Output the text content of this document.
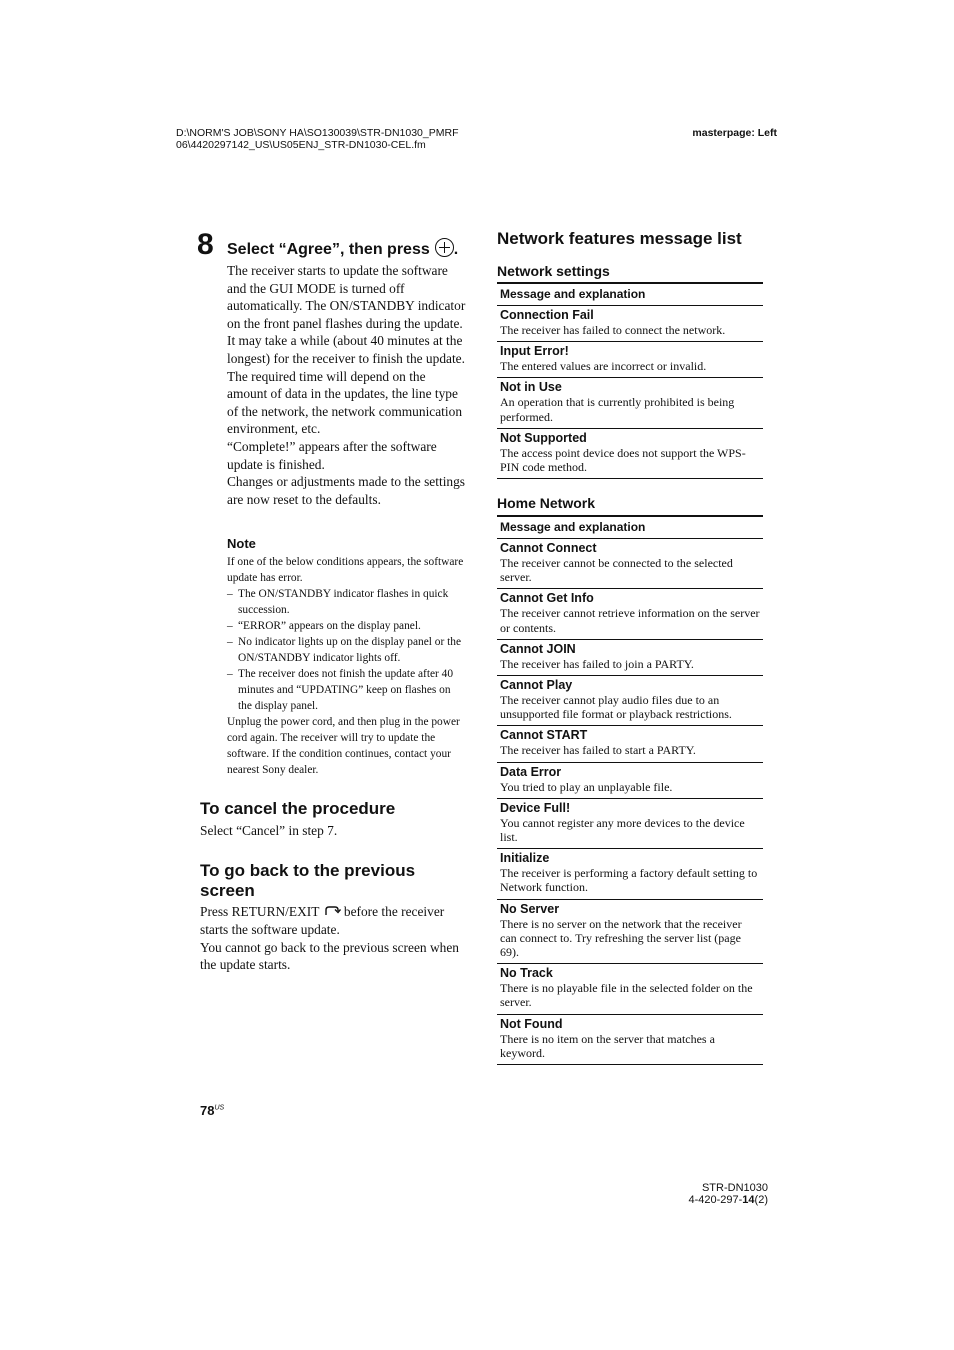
D:\NORM'S JOB\SONY HA\SO130039\STR-DN1030_PMRF
06\4420297142_US\US05ENJ_STR-DN1030-CEL.fm
masterpage: Left
8 Select “Agree”, then press .

The receiver starts to update the software and the GUI MODE is turned off automatically. The ON/STANDBY indicator on the front panel flashes during the update. It may take a while (about 40 minutes at the longest) for the receiver to finish the update. The required time will depend on the amount of data in the updates, the line type of the network, the network communication environment, etc.

“Complete!” appears after the software update is finished.

Changes or adjustments made to the settings are now reset to the defaults.

Note

If one of the below conditions appears, the software update has error.

– The ON/STANDBY indicator flashes in quick succession.
– “ERROR” appears on the display panel.
– No indicator lights up on the display panel or the ON/STANDBY indicator lights off.
– The receiver does not finish the update after 40 minutes and “UPDATING” keep on flashes on the display panel.

Unplug the power cord, and then plug in the power cord again. The receiver will try to update the software. If the condition continues, contact your nearest Sony dealer.

To cancel the procedure
Select “Cancel” in step 7.
To go back to the previous screen

Press RETURN/EXIT before the receiver starts the software update.

You cannot go back to the previous screen when the update starts.

$78^{US}$
Network features message list
Network settings
Message and explanation
Connection Fail
The receiver has failed to connect the network.
Input Error!
The entered values are incorrect or invalid.
Not in Use
An operation that is currently prohibited is being performed.
Not Supported
The access point device does not support the WPS-PIN code method.
Home Network
Message and explanation
Cannot Connect
The receiver cannot be connected to the selected server.
Cannot Get Info
The receiver cannot retrieve information on the server or contents.
Cannot JOIN
The receiver has failed to join a PARTY.
Cannot Play
The receiver cannot play audio files due to an unsupported file format or playback restrictions.
Cannot START
The receiver has failed to start a PARTY.
Data Error
You tried to play an unplayable file.
Device Full!
You cannot register any more devices to the device list.
Initialize
The receiver is performing a factory default setting to Network function.
No Server
There is no server on the network that the receiver can connect to. Try refreshing the server list (page 69).
No Track
There is no playable file in the selected folder on the server.
Not Found
There is no item on the server that matches a keyword.
STR-DN1030
4-420-297-14(2)
